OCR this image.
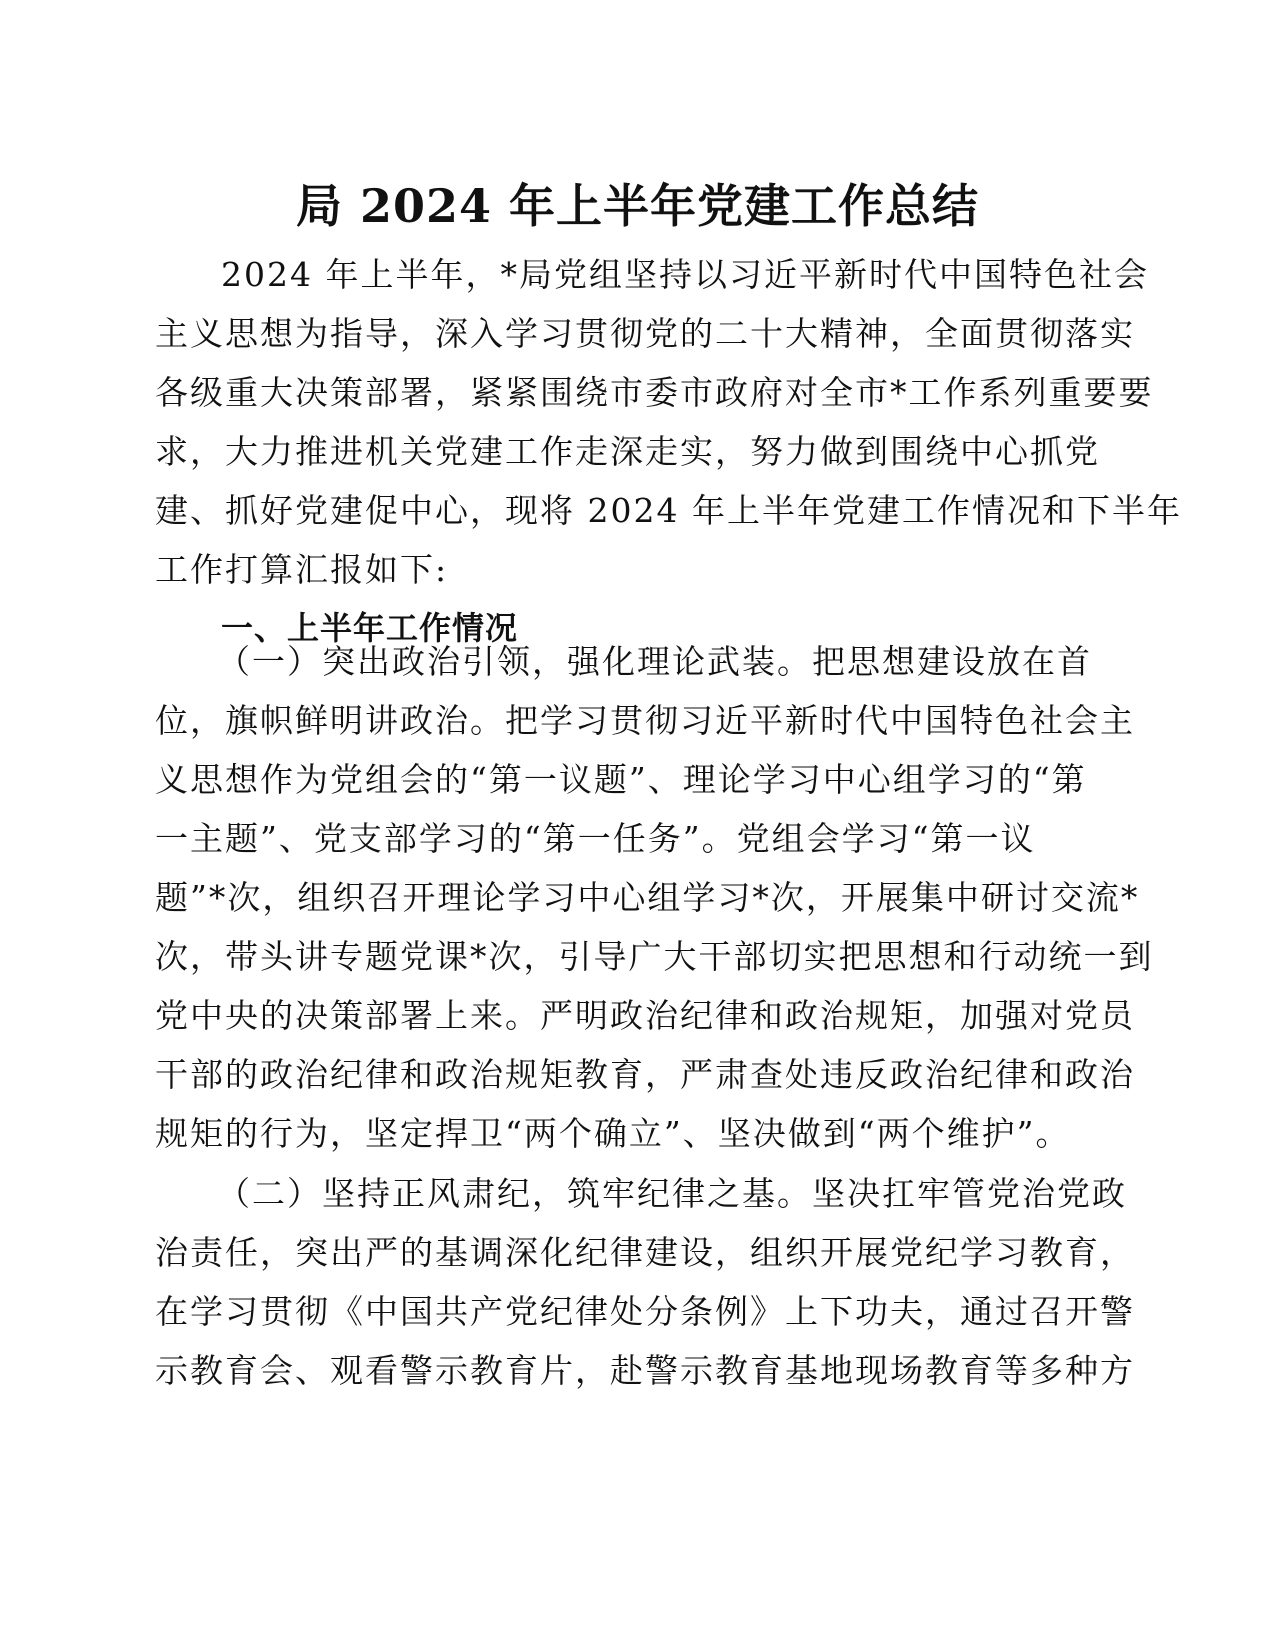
局 2024 年上半年党建工作总结
2024 年上半年，*局党组坚持以习近平新时代中国特色社会
主义思想为指导，深入学习贯彻党的二十大精神，全面贯彻落实
各级重大决策部署，紧紧围绕市委市政府对全市*工作系列重要要
求，大力推进机关党建工作走深走实，努力做到围绕中心抓党
建、抓好党建促中心，现将 2024 年上半年党建工作情况和下半年
工作打算汇报如下:
一、上半年工作情况
（一）突出政治引领，强化理论武装。把思想建设放在首
位，旗帜鲜明讲政治。把学习贯彻习近平新时代中国特色社会主
义思想作为党组会的“第一议题”、理论学习中心组学习的“第
一主题”、党支部学习的“第一任务”。党组会学习“第一议
题”*次，组织召开理论学习中心组学习*次，开展集中研讨交流*
次，带头讲专题党课*次，引导广大干部切实把思想和行动统一到
党中央的决策部署上来。严明政治纪律和政治规矩，加强对党员
干部的政治纪律和政治规矩教育，严肃查处违反政治纪律和政治
规矩的行为，坚定捍卫“两个确立”、坚决做到“两个维护”。
（二）坚持正风肃纪，筑牢纪律之基。坚决扛牢管党治党政
治责任，突出严的基调深化纪律建设，组织开展党纪学习教育，
在学习贯彻《中国共产党纪律处分条例》上下功夫，通过召开警
示教育会、观看警示教育片，赴警示教育基地现场教育等多种方
